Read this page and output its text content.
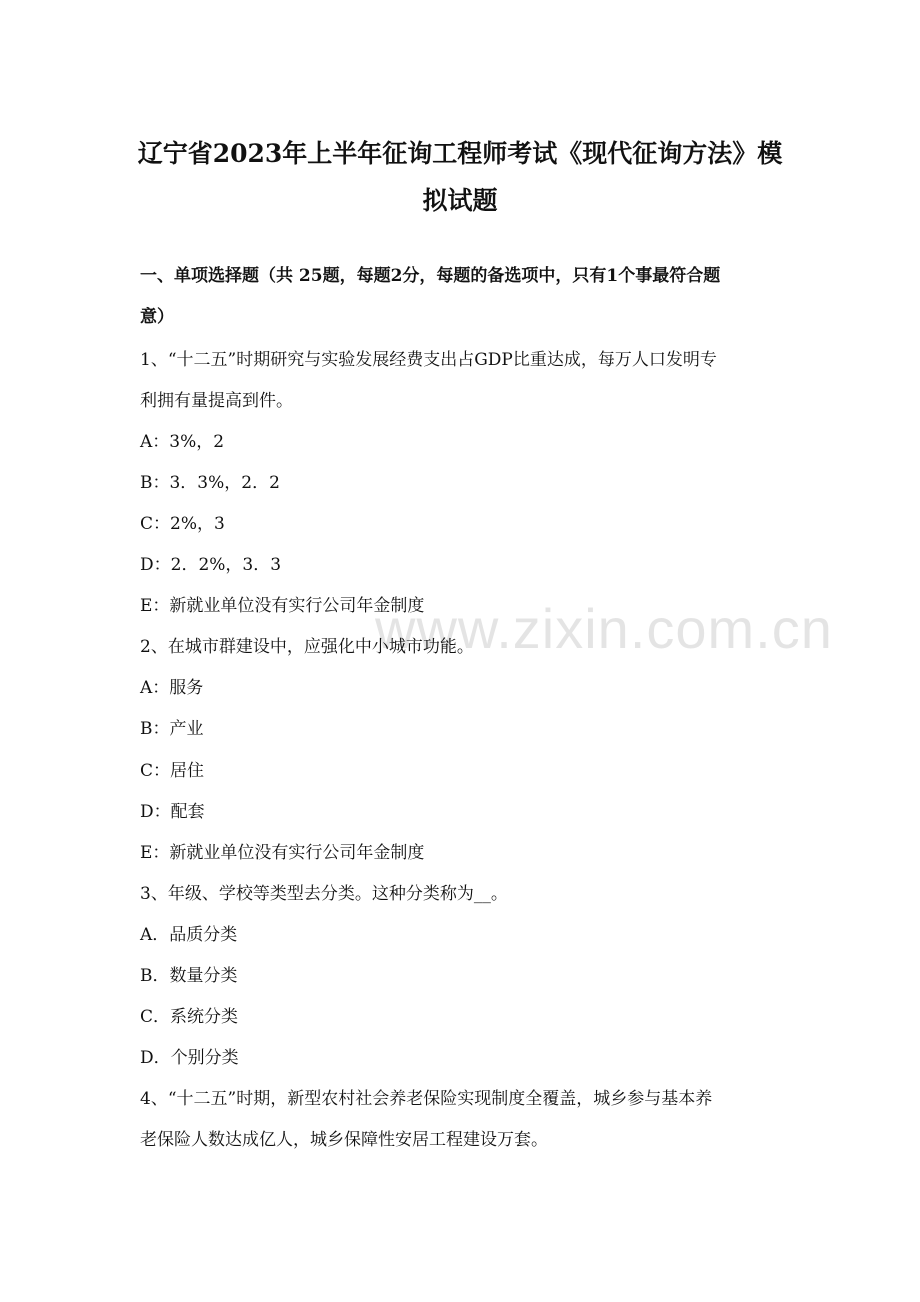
辽宁省2023年上半年征询工程师考试《现代征询方法》模
拟试题
一、单项选择题（共 25题，每题2分，每题的备选项中，只有1个事最符合题
意）
1、“十二五”时期研究与实验发展经费支出占GDP比重达成，每万人口发明专
利拥有量提高到件。
A：3%，2
B：3．3%，2．2
C：2%，3
D：2．2%，3．3
E：新就业单位没有实行公司年金制度
2、在城市群建设中，应强化中小城市功能。
A：服务
B：产业
C：居住
D：配套
E：新就业单位没有实行公司年金制度
3、年级、学校等类型去分类。这种分类称为__。
A．品质分类
B．数量分类
C．系统分类
D．个别分类
4、“十二五”时期，新型农村社会养老保险实现制度全覆盖，城乡参与基本养
老保险人数达成亿人，城乡保障性安居工程建设万套。
www.zixin.com.cn
